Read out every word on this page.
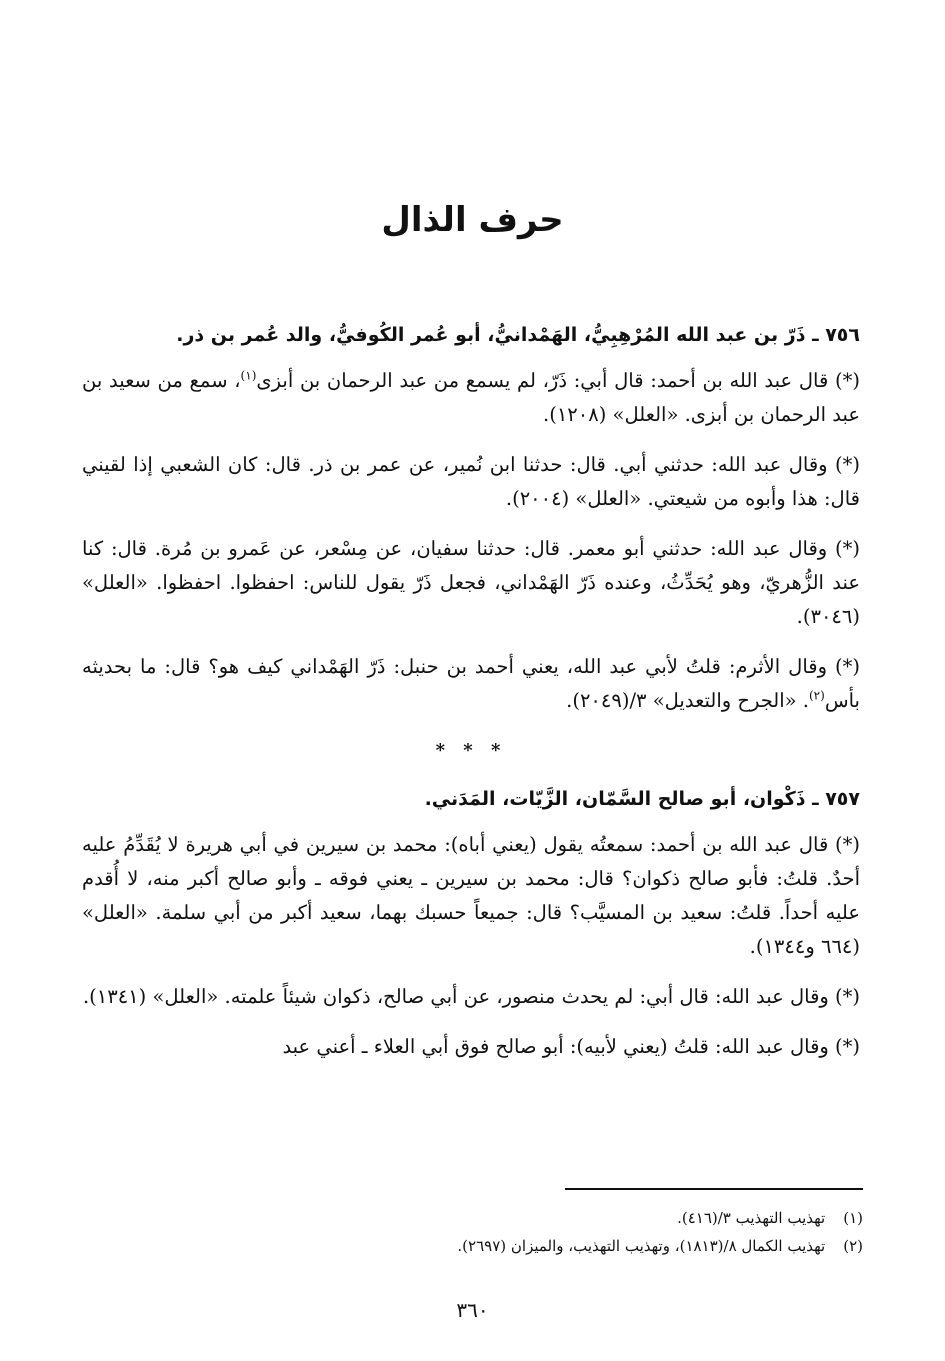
حرف الذال
٧٥٦ ـ ذَرّ بن عبد الله المُرْهِبِيُّ، الهَمْدانيُّ، أبو عُمر الكُوفيُّ، والد عُمر بن ذر.

(*) قال عبد الله بن أحمد: قال أبي: ذَرّ، لم يسمع من عبد الرحمان بن أبزى$^{(١)}$، سمع من سعيد بن عبد الرحمان بن أبزى. «العلل» (١٢٠٨).

(*) وقال عبد الله: حدثني أبي. قال: حدثنا ابن نُمير، عن عمر بن ذر. قال: كان الشعبي إذا لقيني قال: هذا وأبوه من شيعتي. «العلل» (٢٠٠٤).

(*) وقال عبد الله: حدثني أبو معمر. قال: حدثنا سفيان، عن مِسْعر، عن عَمرو بن مُرة. قال: كنا عند الزُّهريّ، وهو يُحَدِّثُ، وعنده ذَرّ الهَمْداني، فجعل ذَرّ يقول للناس: احفظوا. احفظوا. «العلل» (٣٠٤٦).

(*) وقال الأثرم: قلتُ لأبي عبد الله، يعني أحمد بن حنبل: ذَرّ الهَمْداني كيف هو؟ قال: ما بحديثه بأس$^{(٢)}$. «الجرح والتعديل» ٣/(٢٠٤٩).

* * *
٧٥٧ ـ ذَكْوان، أبو صالح السَّمّان، الزَّيّات، المَدَني.

(*) قال عبد الله بن أحمد: سمعتُه يقول (يعني أباه): محمد بن سيرين في أبي هريرة لا يُقَدِّمُ عليه أحدٌ. قلتُ: فأبو صالح ذكوان؟ قال: محمد بن سيرين ـ يعني فوقه ـ وأبو صالح أكبر منه، لا أُقدم عليه أحداً. قلتُ: سعيد بن المسيَّب؟ قال: جميعاً حسبك بهما، سعيد أكبر من أبي سلمة. «العلل» (٦٦٤ و١٣٤٤).

(*) وقال عبد الله: قال أبي: لم يحدث منصور، عن أبي صالح، ذكوان شيئاً علمته. «العلل» (١٣٤١).

(*) وقال عبد الله: قلتُ (يعني لأبيه): أبو صالح فوق أبي العلاء ـ أعني عبد

(١)تهذيب التهذيب ٣/(٤١٦).

(٢)تهذيب الكمال ٨/(١٨١٣)، وتهذيب التهذيب، والميزان (٢٦٩٧).

٣٦٠
